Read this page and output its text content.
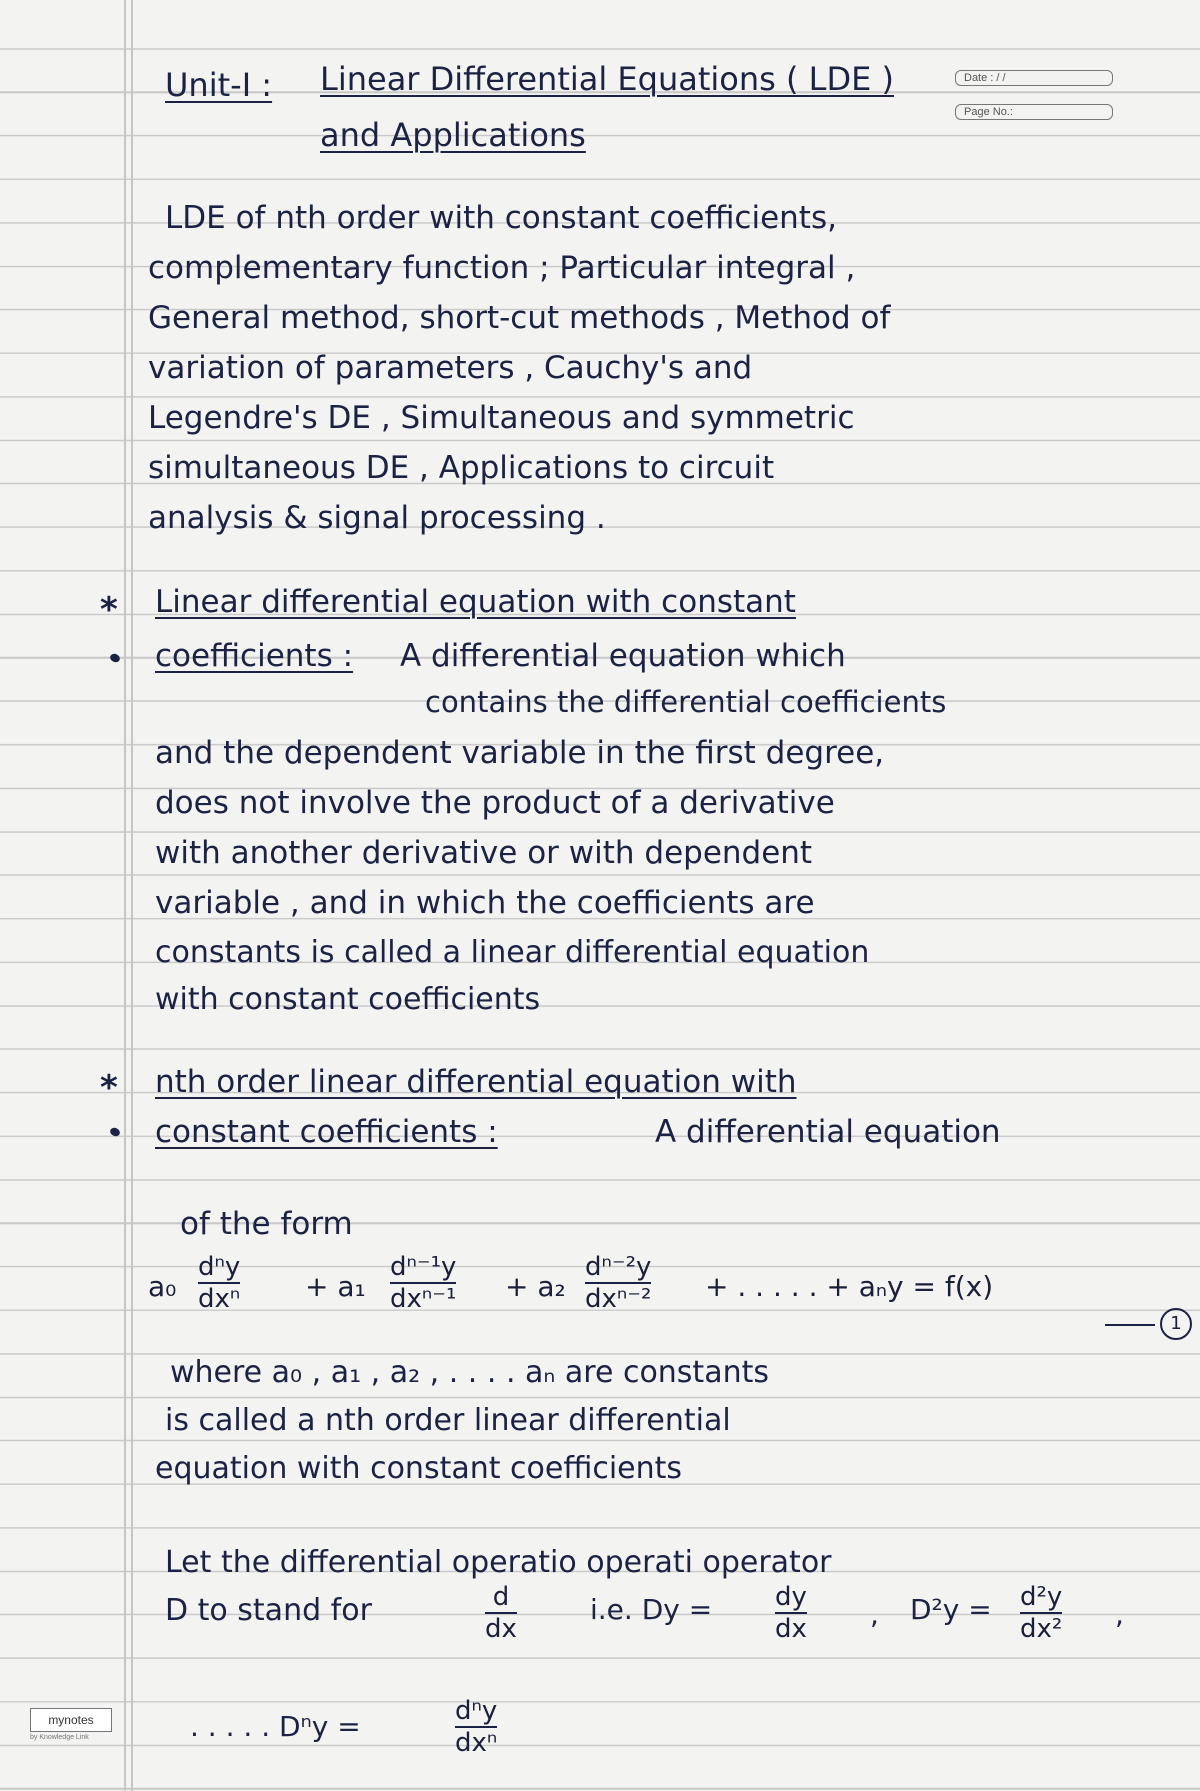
Unit-I : Linear Differential Equations ( LDE )
and Applications
Date : / /
Page No.:
LDE of nth order with constant coefficients,
complementary function ; Particular integral ,
General method, short-cut methods , Method of
variation of parameters , Cauchy's and
Legendre's DE , Simultaneous and symmetric
simultaneous DE , Applications to circuit
analysis & signal processing .
* Linear differential equation with constant
coefficients : A differential equation which
contains the differential coefficients
and the dependent variable in the first degree,
does not involve the product of a derivative
with another derivative or with dependent
variable , and in which the coefficients are
constants is called a linear differential equation
with constant coefficients
* nth order linear differential equation with
constant coefficients :	A differential equation
of the form
a₀
dⁿy
dxⁿ + a₁
dⁿ⁻¹y
dxⁿ⁻¹ + a₂
dⁿ⁻²y
dxⁿ⁻² + . . . . . + aₙy = f(x)
1
where a₀ , a₁ , a₂ , . . . . aₙ are constants
is called a nth order linear differential
equation with constant coefficients
Let the differential operatio operati operator
D to stand for	d
dx
i.e. Dy = dy
dx , D²y = d²y
dx² ,
. . . . . Dⁿy =	dⁿy
dxⁿ
mynotes
by Knowledge Link
